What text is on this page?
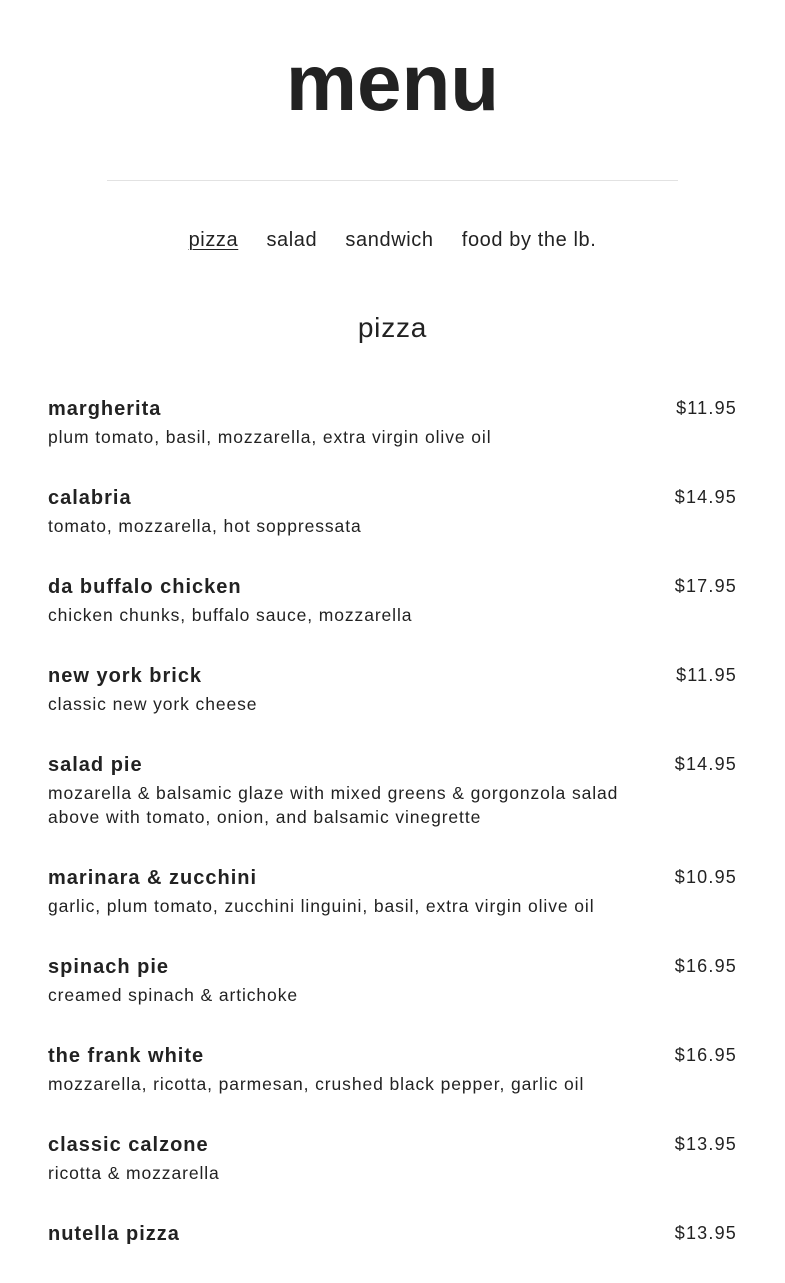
menu
pizza salad sandwich food by the lb.
pizza
margherita
plum tomato, basil, mozzarella, extra virgin olive oil
$11.95
calabria
tomato, mozzarella, hot soppressata
$14.95
da buffalo chicken
chicken chunks, buffalo sauce, mozzarella
$17.95
new york brick
classic new york cheese
$11.95
salad pie
mozarella & balsamic glaze with mixed greens & gorgonzola salad above with tomato, onion, and balsamic vinegrette
$14.95
marinara & zucchini
garlic, plum tomato, zucchini linguini, basil, extra virgin olive oil
$10.95
spinach pie
creamed spinach & artichoke
$16.95
the frank white
mozzarella, ricotta, parmesan, crushed black pepper, garlic oil
$16.95
classic calzone
ricotta & mozzarella
$13.95
nutella pizza	$13.95
